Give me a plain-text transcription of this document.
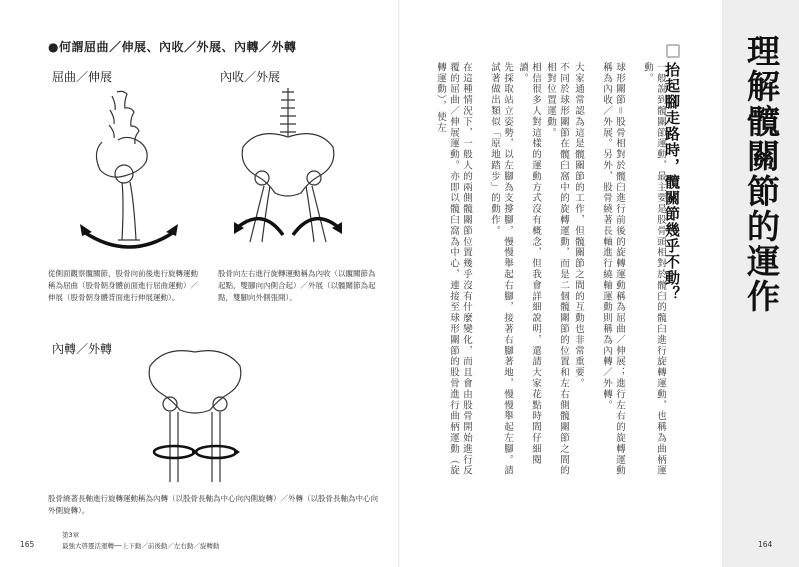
●何謂屈曲／伸展、內收／外展、內轉／外轉
屈曲／伸展
從側面觀察髖關節，股骨向前後進行旋轉運動稱為屈曲（股骨朝身體前面進行屈曲運動）／伸展（股骨朝身體背面進行伸展運動）。
內收／外展
股骨向左右進行旋轉運動稱為內收（以髖關節為起點，雙腳向內側合起）／外展（以髖關節為起點，雙腳向外側張開）。
內轉／外轉
股骨繞著長軸進行旋轉運動稱為內轉（以股骨長軸為中心向內側旋轉）／外轉（以股骨長軸為中心向外側旋轉）。
第3章
最強大啓靈活運轉──上下動／前後動／左右動／旋轉動
165
理解髖關節的運作
抬起腳走路時，髖關節幾乎不動？
一般說到髖關節運動，最主要是股骨頭相對於髖臼的髖臼進行旋轉運動，也稱為曲柄運動。
球形關節＝股骨相對於髖臼進行前後的旋轉運動稱為屈曲／伸展；進行左右的旋轉運動稱為內收／外展。另外，股骨繞著長軸進行繞軸運動則稱為內轉／外轉。
大家通常認為這是髖關節的工作，但髖關節之間的互動也非常重要。
不同於球形關節在髖臼窩中的旋轉運動，而是二個髖關節的位置和左右側髖關節之間的相對位置運動。
相信很多人對這樣的運動方式沒有概念，但我會詳細說明，還請大家花點時間仔細閱讀。
先採取站立姿勢，以左腳為支撐腳，慢慢舉起右腳，接著右腳著地，慢慢舉起左腳。請試著做出類似「原地踏步」的動作。
在這種情況下，一般人的兩側髖關節位置幾乎沒有什麼變化，而且會由股骨開始進行反覆的屈曲／伸展運動。亦即以髖臼窩為中心，連接至球形關節的股骨進行曲柄運動（旋轉運動），使左
164
